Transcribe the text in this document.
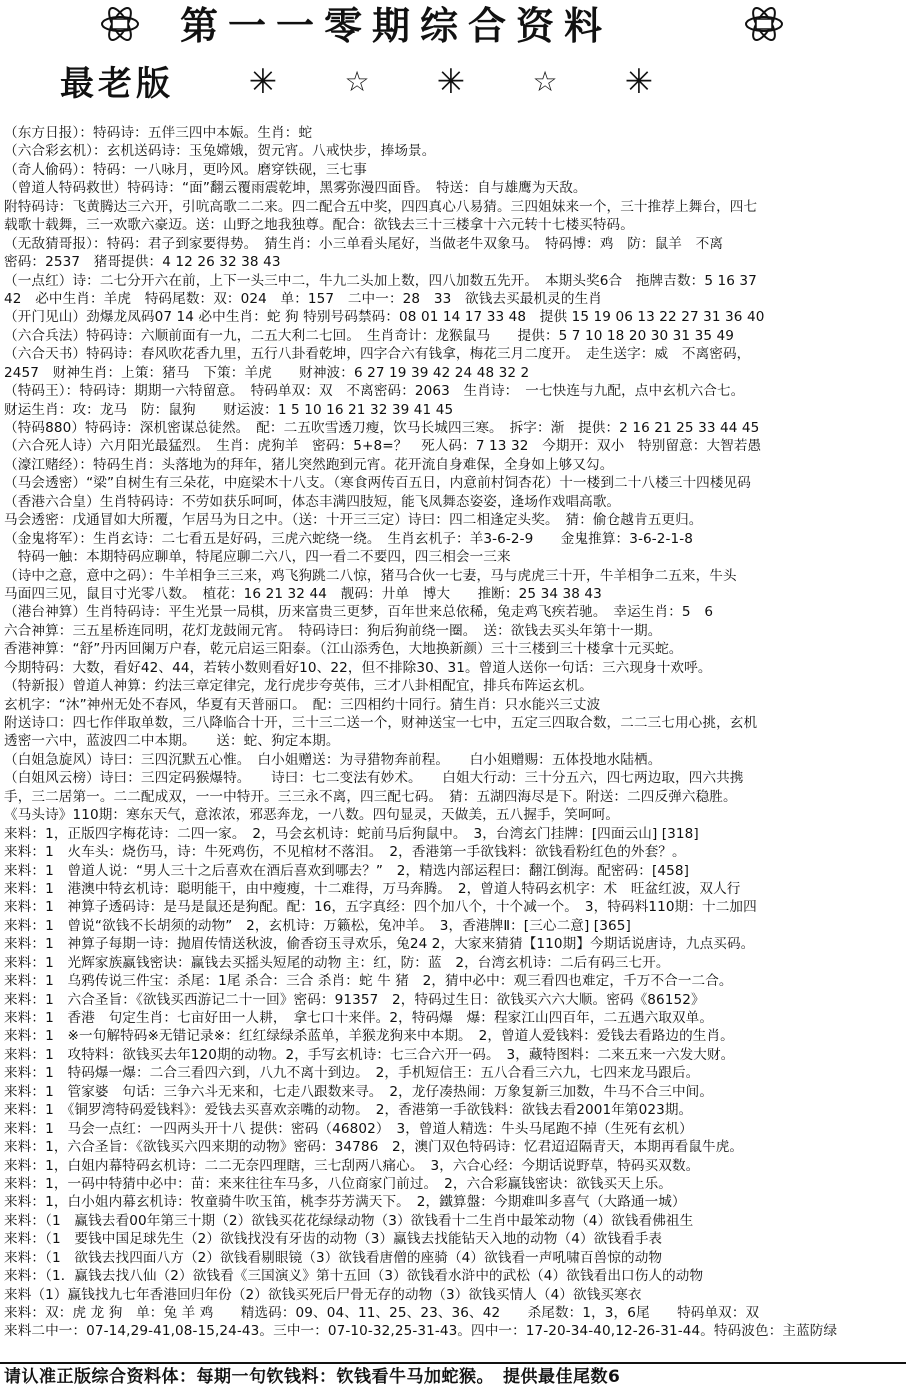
第一一零期综合资料
最老版 ✳	☆	✳	☆	✳
（东方日报）：特码诗：五伴三四中本娠。生肖：蛇
（六合彩玄机）：玄机送码诗：玉兔嫦娥，贺元宵。八戒快步，捧场景。
（奇人偷码）：特码：一八咏月，更吟风。磨穿铁砚，三七事
（曾道人特码救世）特码诗：“面”翻云覆雨震乾坤，黑雾弥漫四面昏。　特送：自与雄鹰为天敌。
附特码诗：飞黄腾达三六开，引吭高歌二二来。四二配合五中奖，四四真心八易猜。三四姐妹来一个，三十推荐上舞台，四七
载歌十载舞，三一欢歌六豪迈。送：山野之地我独尊。配合：欲钱去三十三楼拿十六元转十七楼买特码。
（无敌猜哥报）：特码：君子到家要得势。　猜生肖：小三单看头尾好，当做老牛双象马。　特码博：鸡　防：鼠羊　不离
密码：2537　猪哥提供：4 12 26 32 38 43
（一点红）诗：二七分开六在前，上下一头三中二，牛九二头加上数，四八加数五先开。　本期头奖6合　拖牌吉数：5 16 37
42　必中生肖：羊虎　特码尾数：双：024　单：157　二中一：28　33　欲钱去买最机灵的生肖
（开门见山）劲爆龙凤码07 14 必中生肖：蛇 狗 特别号码禁码：08 01 14 17 33 48　提供 15 19 06 13 22 27 31 36 40
（六合兵法）特码诗：六顺前面有一九，二五大利二七回。　生肖奇计：龙猴鼠马　　提供：5 7 10 18 20 30 31 35 49
（六合天书）特码诗：春风吹花香九里，五行八卦看乾坤，四字合六有钱拿，梅花三月二度开。　走生送字：威　不离密码，
2457　财神生肖：上策：猪马　下策：羊虎　　财神波：6 27 19 39 42 24 48 32 2
（特码王）：特码诗：期期一六特留意。　特码单双：双　不离密码：2063　生肖诗：　一七快连与九配，点中玄机六合七。
财运生肖：攻：龙马　防：鼠狗　　财运波：1 5 10 16 21 32 39 41 45
（特码880）特码诗：深机密谋总徒然。　配：二五吹雪透刀瘦，饮马长城四三寒。　拆字：渐　提供：2 16 21 25 33 44 45
（六合死人诗）六月阳光最猛烈。　生肖：虎狗羊　密码：5+8=？　死人码：7 13 32　今期开：双小　特别留意：大智若愚
（濠江赌经）：特码生肖：头落地为的拜年，猪儿突然跑到元宵。花开流自身难保，全身如上够又勾。
（马会透密）“梁”自树生有三朵花，中庭梁木十八支。（寒食两传百五日，内意前村饲杏花）十一楼到二十八楼三十四楼见码
（香港六合皇）生肖特码诗：不劳如获乐呵呵，体态丰满四肢短，能飞凤舞态姿姿，逢场作戏唱高歌。
马会透密：戊通冒如大所覆，乍居马为日之中。（送：十开三三定）诗曰：四二相逢定头奖。　猜：偷仓越肯五更归。
（金鬼将军）：生肖玄诗：二七看五是好码，三虎六蛇绕一绕。　生肖玄机子：羊3-6-2-9　　金鬼推算：3-6-2-1-8
　特码一触：本期特码应聊单，特尾应聊二六八，四一看二不要四，四三相会一三来
（诗中之意，意中之码）：牛羊相争三三来，鸡飞狗跳二八惊，猪马合伙一七妻，马与虎虎三十开，牛羊相争二五来，牛头
马面四三见，鼠目寸光零八数。　植花：16 21 32 44　靓码：廾单　博大　　推断：25 34 38 43
（港台神算）生肖特码诗：平生光景一局棋，历来富贵三更梦，百年世来总依稀，兔走鸡飞疾若驰。　幸运生肖：5　6
六合神算：三五星桥连同明，花灯龙鼓闹元宵。　特码诗曰：狗后狗前绕一圈。　送：欲钱去买头年第十一期。
香港神算：“舒”丹丙回阑万户春，乾元启运三阳泰。（江山添秀色，大地换新颜）三十三楼到三十楼拿十元买蛇。
今期特码：大数，看好42、44，若转小数则看好10、22，但不排除30、31。曾道人送你一句话：三六现身十欢呼。
（特新报）曾道人神算：约法三章定律完，龙行虎步夸英伟，三才八卦相配宜，排兵布阵运玄机。
玄机字：“沐”神州无处不春风，华夏有天普丽口。　配：三四相约十同行。猜生肖：只水能兴三丈波
附送诗口：四七作伴取单数，三八降临合十开，三十三二送一个，财神送宝一七中，五定三四取合数，二二三七用心挑，玄机
透密一六中，蓝波四二中本期。　　送：蛇、狗定本期。
（白姐急旋风）诗曰：三四沉默五心惟。　白小姐赠送：为寻猎物奔前程。　　白小姐赠赐：五体投地水陆栖。
（白姐风云榜）诗曰：三四定码猴爆特。　　诗曰：七二变法有妙术。　　白姐大行动：三十分五六，四七两边取，四六共携
手，三二居第一。二二配成双，一一中特开。三三永不离，四三配七码。　猜：五湖四海尽是下。附送：二四反弹六稳胜。
《马头诗》110期：寒东天气，意浓浓，邪恶奔龙，一八数。四句显灵，天做美，五八握手，笑呵呵。
来料：1，正版四字梅花诗：二四一家。　2，马会玄机诗：蛇前马后狗鼠中。　3，台湾玄门挂牌：[四面云山] [318]
来料：1　火车头：烧伤马，诗：牛死鸡伤，不见棺材不落泪。　2，香港第一手欲钱料：欲钱看粉红色的外套？。
来料：1　曾道人说：“男人三十之后喜欢在酒后喜欢到哪去？”　2，精选内部运程曰：翻江倒海。配密码：[458]
来料：1　港澳中特玄机诗：聪明能干，由中瘦瘦，十二难得，万马奔腾。　2，曾道人特码玄机字：术　旺盆红波，双人行
来料：1　神算子透码诗：是马是鼠还是狗配。配：16，五字真经：四个加八个，十个减一个。　3，特码料110期：十二加四
来料：1　曾说“欲钱不长胡须的动物”　2，玄机诗：万籁松，兔冲羊。　3，香港牌Ⅱ：[三心二意] [365]
来料：1　神算子每期一诗：抛眉传情送秋波，偷香窃玉寻欢乐，兔24 2，大家来猜猜【110期】今期话说唐诗，九点买码。
来料：1　光辉家族赢钱密诀：赢钱去买摇头短尾的动物 主：红，防：蓝　2，台湾玄机诗：二后有码三七开。
来料：1　乌鸦传说三件宝：杀尾：1尾 杀合：三合 杀肖：蛇 牛 猪　2，猜中必中：观三看四也难定，千万不合一二合。
来料：1　六合圣旨：《欲钱买西游记二十一回》密码：91357　2，特码过生日：欲钱买六六大顺。密码《86152》
来料：1　香港　句定生肖：七亩好田一人耕，　拿七口十来伴。2，特码爆　爆：程家江山四百年，二五遇六取双单。
来料：1　※一句解特码※无错记录※：红红绿绿杀蓝单，羊猴龙狗来中本期。　2，曾道人爱钱料：爱钱去看路边的生肖。
来料：1　攻特料：欲钱买去年120期的动物。2，手写玄机诗：七三合六开一码。　3，藏特图料：二来五来一六发大财。
来料：1　特码爆一爆：二合三看四六到，八九不离十到边。　2，手机短信王：五八合看三六九，七四来龙马跟后。
来料：1　管家婆　句话：三争六斗无来和，七走八跟数来寻。　2，龙仔凑热闹：万象复新三加数，牛马不合三中间。
来料：1　《铜罗湾特码爱钱料》：爱钱去买喜欢亲嘴的动物。　2，香港第一手欲钱料：欲钱去看2001年第023期。
来料：1　马会一点红：一四两头开十八 提供：密码（46802）　3，曾道人精选：牛头马尾跑不掉（生死有玄机）
来料：1，六合圣旨：《欲钱买六四来期的动物》密码：34786　2，澳门双色特码诗：忆君迢迢隔青天，本期再看鼠牛虎。
来料：1，白姐内幕特码玄机诗：二二无奈四理瞎，三七刮两八痛心。　3，六合心经：今期话说野草，特码买双数。
来料：1，一码中特猜中必中：苗：来来往往车马多，八位商家门前过。　2，六合彩赢钱密诀：欲钱买天上乐。
来料：1，白小姐内幕玄机诗：牧童骑牛吹玉笛，桃李芬芳满天下。　2，鐵算盤：今期难叫多喜气（大路通一城）
来料：（1　赢钱去看00年第三十期（2）欲钱买花花绿绿动物（3）欲钱看十二生肖中最笨动物（4）欲钱看佛祖生
来料：（1　要钱中国足球先生（2）欲钱找没有牙齿的动物（3）赢钱去找能钻天入地的动物（4）欲钱看手表
来料：（1　欲钱去找四面八方（2）欲钱看剔眼镜（3）欲钱看唐僧的座骑（4）欲钱看一声吼啸百兽惊的动物
来料：（1．赢钱去找八仙（2）欲钱看《三国演义》第十五回（3）欲钱看水浒中的武松（4）欲钱看出口伤人的动物
来料（1）赢钱找九七年香港回归年份（2）欲钱买死后尸骨无存的动物（3）欲钱买情人（4）欲钱买寒衣
来料：双：虎 龙 狗　单：兔 羊 鸡　　精选码：09、04、11、25、23、36、42　　杀尾数：1，3，6尾　　特码单双：双
来料二中一：07-14,29-41,08-15,24-43。三中一：07-10-32,25-31-43。四中一：17-20-34-40,12-26-31-44。特码波色：主蓝防绿
请认准正版综合资料体：每期一句钦钱料：钦钱看牛马加蛇猴。　提供最佳尾数6
